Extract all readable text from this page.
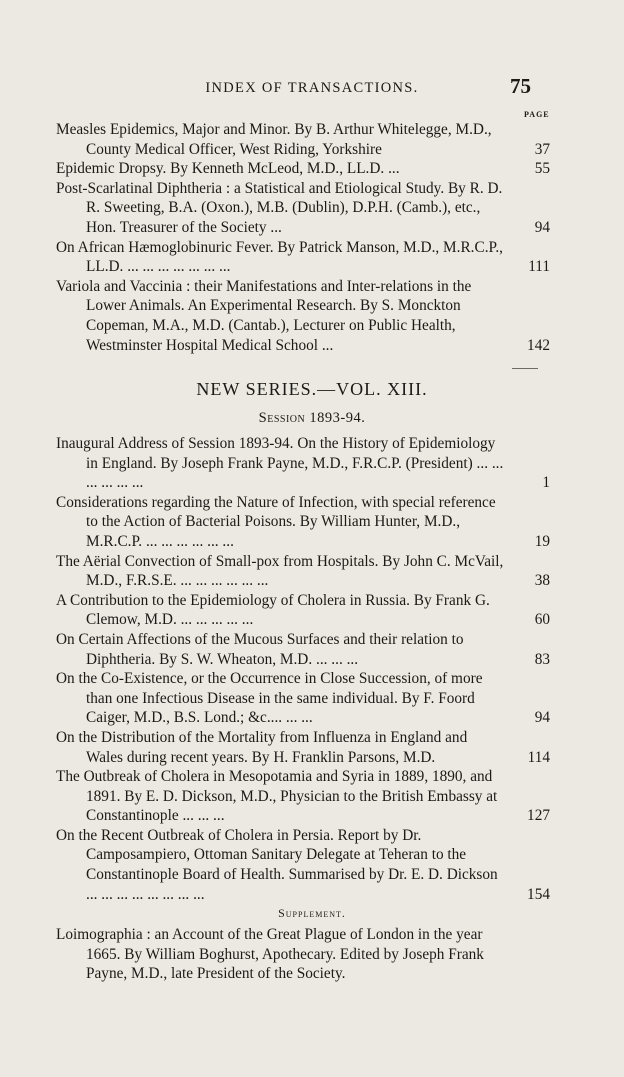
INDEX OF TRANSACTIONS.	75
PAGE
Measles Epidemics, Major and Minor. By B. Arthur Whitelegge, M.D., County Medical Officer, West Riding, Yorkshire	37
Epidemic Dropsy. By Kenneth McLeod, M.D., LL.D. ...	55
Post-Scarlatinal Diphtheria : a Statistical and Etiological Study. By R. D. R. Sweeting, B.A. (Oxon.), M.B. (Dublin), D.P.H. (Camb.), etc., Hon. Treasurer of the Society ...	94
On African Hæmoglobinuric Fever. By Patrick Manson, M.D., M.R.C.P., LL.D. ... ... ... ... ... ... ...	111
Variola and Vaccinia : their Manifestations and Inter-relations in the Lower Animals. An Experimental Research. By S. Monckton Copeman, M.A., M.D. (Cantab.), Lecturer on Public Health, Westminster Hospital Medical School ...	142
NEW SERIES.—VOL. XIII.
Session 1893-94.
Inaugural Address of Session 1893-94. On the History of Epidemiology in England. By Joseph Frank Payne, M.D., F.R.C.P. (President) ... ... ... ... ... ...	1
Considerations regarding the Nature of Infection, with special reference to the Action of Bacterial Poisons. By William Hunter, M.D., M.R.C.P. ... ... ... ... ... ...	19
The Aërial Convection of Small-pox from Hospitals. By John C. McVail, M.D., F.R.S.E. ... ... ... ... ... ...	38
A Contribution to the Epidemiology of Cholera in Russia. By Frank G. Clemow, M.D. ... ... ... ... ...	60
On Certain Affections of the Mucous Surfaces and their relation to Diphtheria. By S. W. Wheaton, M.D. ... ... ...	83
On the Co-Existence, or the Occurrence in Close Succession, of more than one Infectious Disease in the same individual. By F. Foord Caiger, M.D., B.S. Lond.; &c.... ... ...	94
On the Distribution of the Mortality from Influenza in England and Wales during recent years. By H. Franklin Parsons, M.D.	114
The Outbreak of Cholera in Mesopotamia and Syria in 1889, 1890, and 1891. By E. D. Dickson, M.D., Physician to the British Embassy at Constantinople ... ... ...	127
On the Recent Outbreak of Cholera in Persia. Report by Dr. Camposampiero, Ottoman Sanitary Delegate at Teheran to the Constantinople Board of Health. Summarised by Dr. E. D. Dickson ... ... ... ... ... ... ... ...	154
Supplement.
Loimographia : an Account of the Great Plague of London in the year 1665. By William Boghurst, Apothecary. Edited by Joseph Frank Payne, M.D., late President of the Society.
